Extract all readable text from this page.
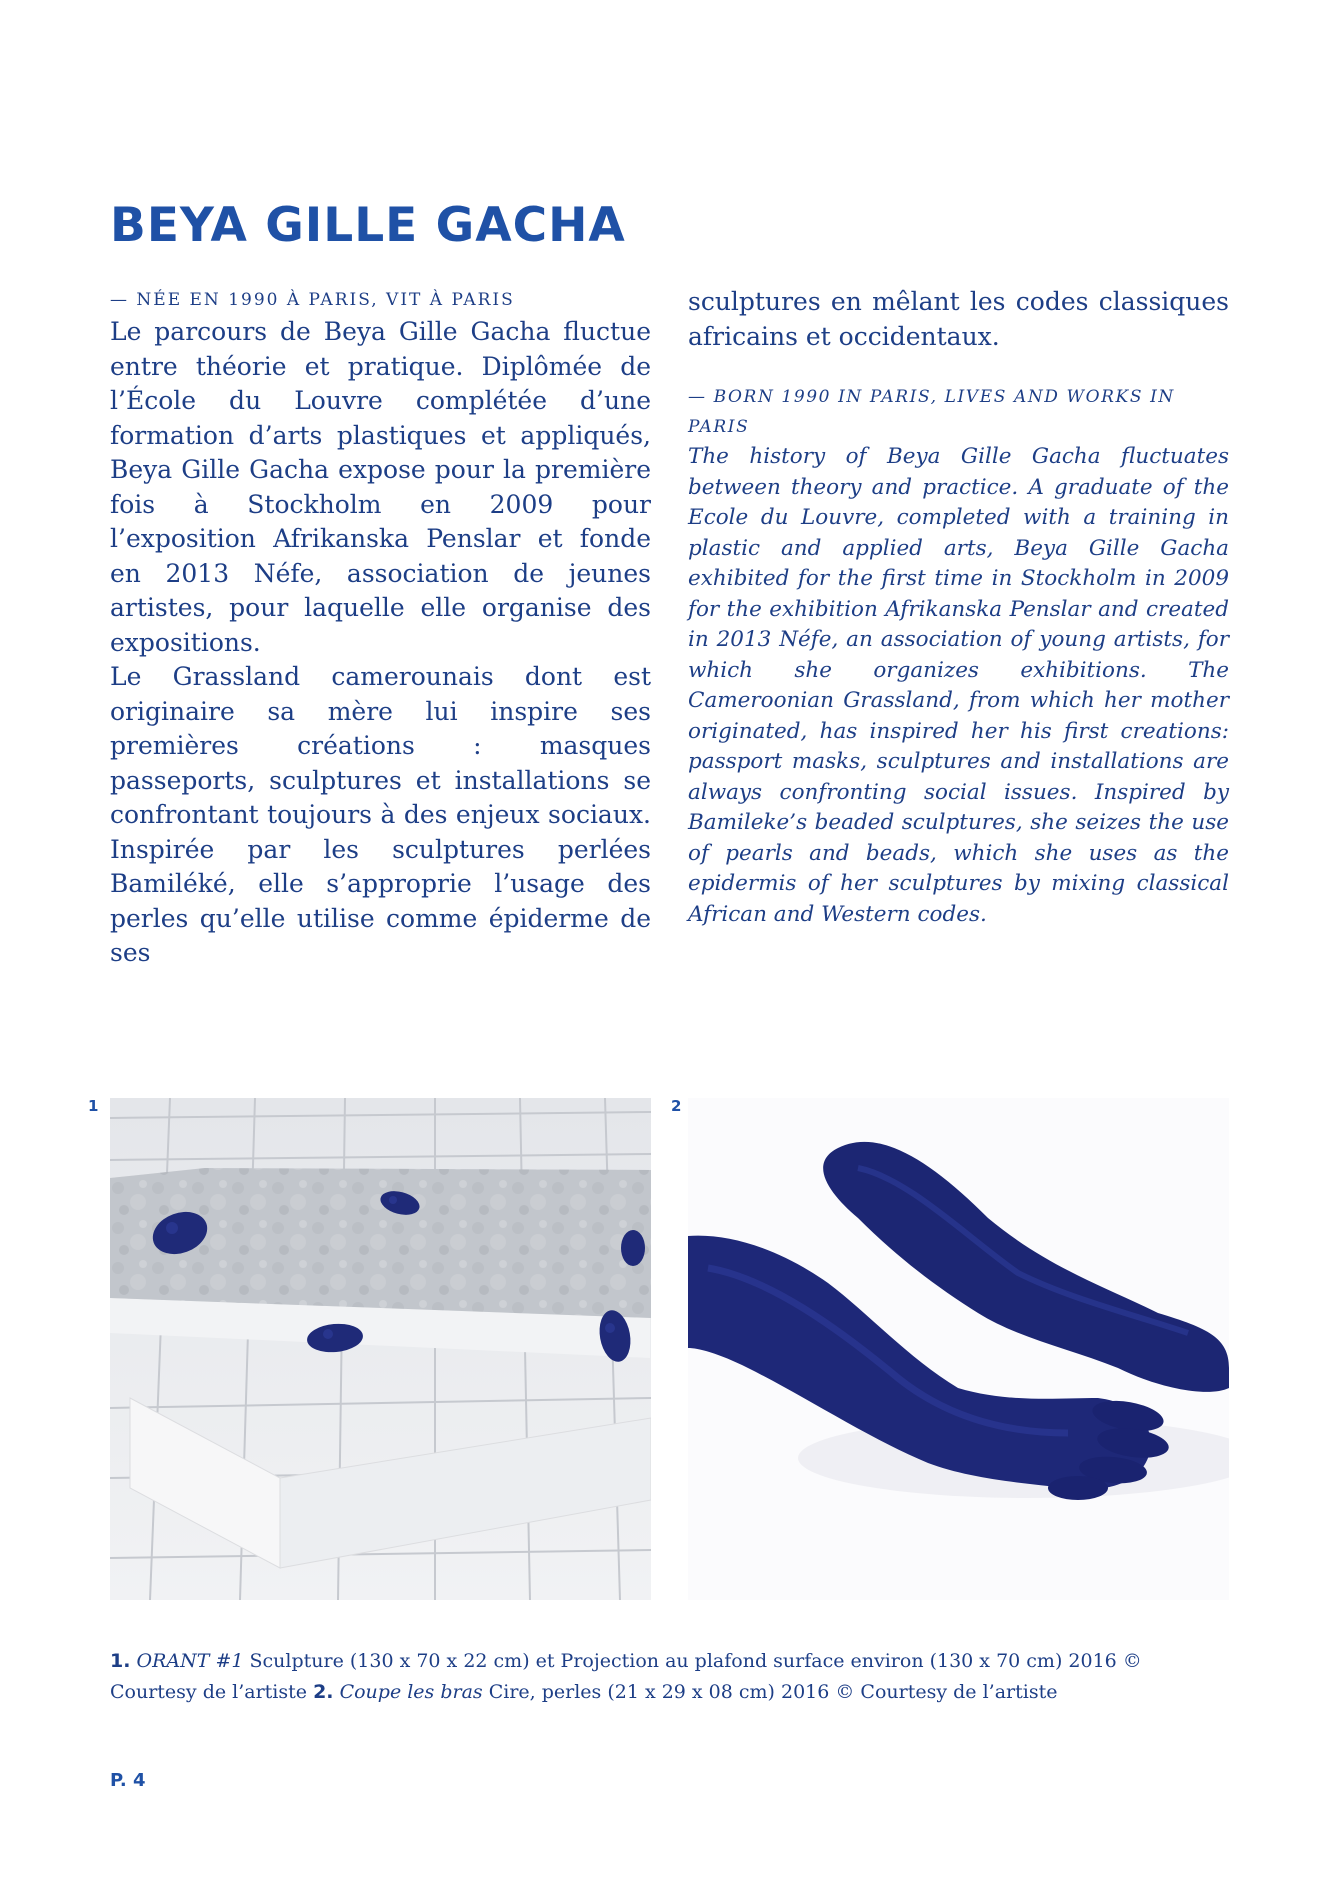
BEYA GILLE GACHA
— NÉE EN 1990 À PARIS, VIT À PARIS

Le parcours de Beya Gille Gacha fluctue entre théorie et pratique. Diplômée de l’École du Louvre complétée d’une formation d’arts plastiques et appliqués, Beya Gille Gacha expose pour la première fois à Stockholm en 2009 pour l’exposition Afrikanska Penslar et fonde en 2013 Néfe, association de jeunes artistes, pour laquelle elle organise des expositions.

Le Grassland camerounais dont est originaire sa mère lui inspire ses premières créations : masques passeports, sculptures et installations se confrontant toujours à des enjeux sociaux. Inspirée par les sculptures perlées Bamiléké, elle s’approprie l’usage des perles qu’elle utilise comme épiderme de ses

sculptures en mêlant les codes classiques africains et occidentaux.

— BORN 1990 IN PARIS, LIVES AND WORKS IN PARIS

The history of Beya Gille Gacha fluctuates between theory and practice. A graduate of the Ecole du Louvre, completed with a training in plastic and applied arts, Beya Gille Gacha exhibited for the first time in Stockholm in 2009 for the exhibition Afrikanska Penslar and created in 2013 Néfe, an association of young artists, for which she organizes exhibitions. The Cameroonian Grassland, from which her mother originated, has inspired her his first creations: passport masks, sculptures and installations are always confronting social issues. Inspired by Bamileke’s beaded sculptures, she seizes the use of pearls and beads, which she uses as the epidermis of her sculptures by mixing classical African and Western codes.

1	2
1. ORANT #1 Sculpture (130 x 70 x 22 cm) et Projection au plafond surface environ (130 x 70 cm) 2016 © Courtesy de l’artiste 2. Coupe les bras Cire, perles (21 x 29 x 08 cm) 2016 © Courtesy de l’artiste
P. 4
